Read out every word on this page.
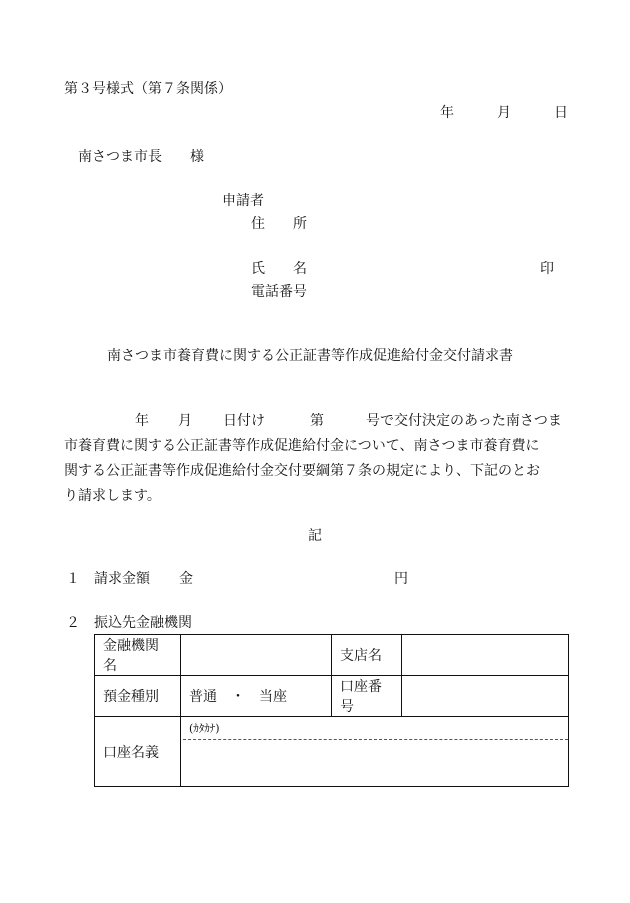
第３号様式（第７条関係）
年	月	日
南さつま市長　　様
申請者
住　　所
氏　　名	印
電話番号
南さつま市養育費に関する公正証書等作成促進給付金交付請求書
年 月 日付け	第	号で交付決定のあった南さつま
市養育費に関する公正証書等作成促進給付金について、南さつま市養育費に
関する公正証書等作成促進給付金交付要綱第７条の規定により、下記のとお
り請求します。
記
１ 請求金額 金	円
２ 振込先金融機関
金融機関名		支店名	
預金種別	普通　・　当座	口座番号	
口座名義	(ｶﾀｶﾅ)		
